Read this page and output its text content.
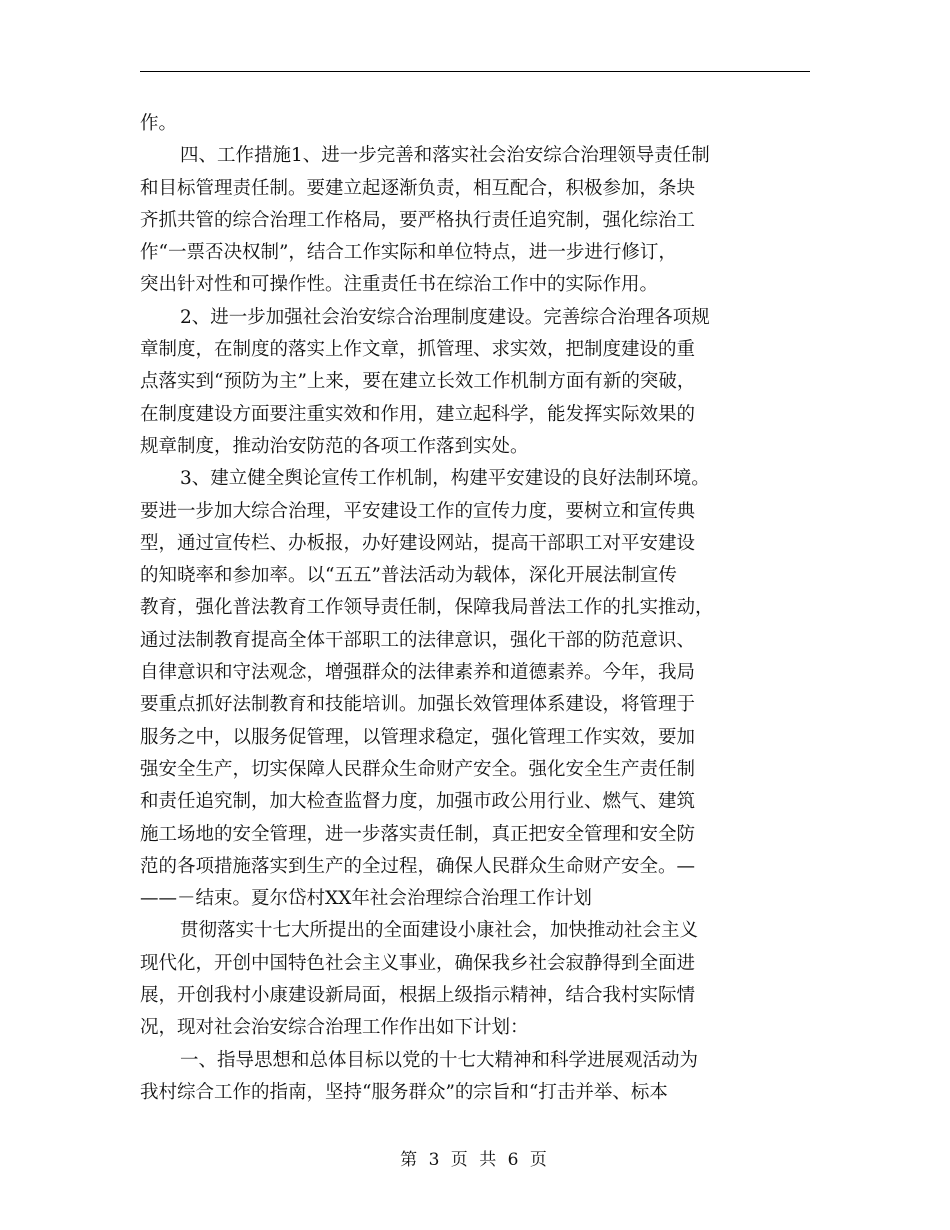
作。
四、工作措施1、进一步完善和落实社会治安综合治理领导责任制
和目标管理责任制。要建立起逐渐负责，相互配合，积极参加，条块
齐抓共管的综合治理工作格局，要严格执行责任追究制，强化综治工
作“一票否决权制”，结合工作实际和单位特点，进一步进行修订，
突出针对性和可操作性。注重责任书在综治工作中的实际作用。
2、进一步加强社会治安综合治理制度建设。完善综合治理各项规
章制度，在制度的落实上作文章，抓管理、求实效，把制度建设的重
点落实到“预防为主”上来，要在建立长效工作机制方面有新的突破，
在制度建设方面要注重实效和作用，建立起科学，能发挥实际效果的
规章制度，推动治安防范的各项工作落到实处。
3、建立健全舆论宣传工作机制，构建平安建设的良好法制环境。
要进一步加大综合治理，平安建设工作的宣传力度，要树立和宣传典
型，通过宣传栏、办板报，办好建设网站，提高干部职工对平安建设
的知晓率和参加率。以“五五”普法活动为载体，深化开展法制宣传
教育，强化普法教育工作领导责任制，保障我局普法工作的扎实推动，
通过法制教育提高全体干部职工的法律意识，强化干部的防范意识、
自律意识和守法观念，增强群众的法律素养和道德素养。今年，我局
要重点抓好法制教育和技能培训。加强长效管理体系建设，将管理于
服务之中，以服务促管理，以管理求稳定，强化管理工作实效，要加
强安全生产，切实保障人民群众生命财产安全。强化安全生产责任制
和责任追究制，加大检查监督力度，加强市政公用行业、燃气、建筑
施工场地的安全管理，进一步落实责任制，真正把安全管理和安全防
范的各项措施落实到生产的全过程，确保人民群众生命财产安全。—
——－结束。夏尔岱村XX年社会治理综合治理工作计划
贯彻落实十七大所提出的全面建设小康社会，加快推动社会主义
现代化，开创中国特色社会主义事业，确保我乡社会寂静得到全面进
展，开创我村小康建设新局面，根据上级指示精神，结合我村实际情
况，现对社会治安综合治理工作作出如下计划：
一、指导思想和总体目标以党的十七大精神和科学进展观活动为
我村综合工作的指南，坚持“服务群众”的宗旨和“打击并举、标本
第 3 页 共 6 页
